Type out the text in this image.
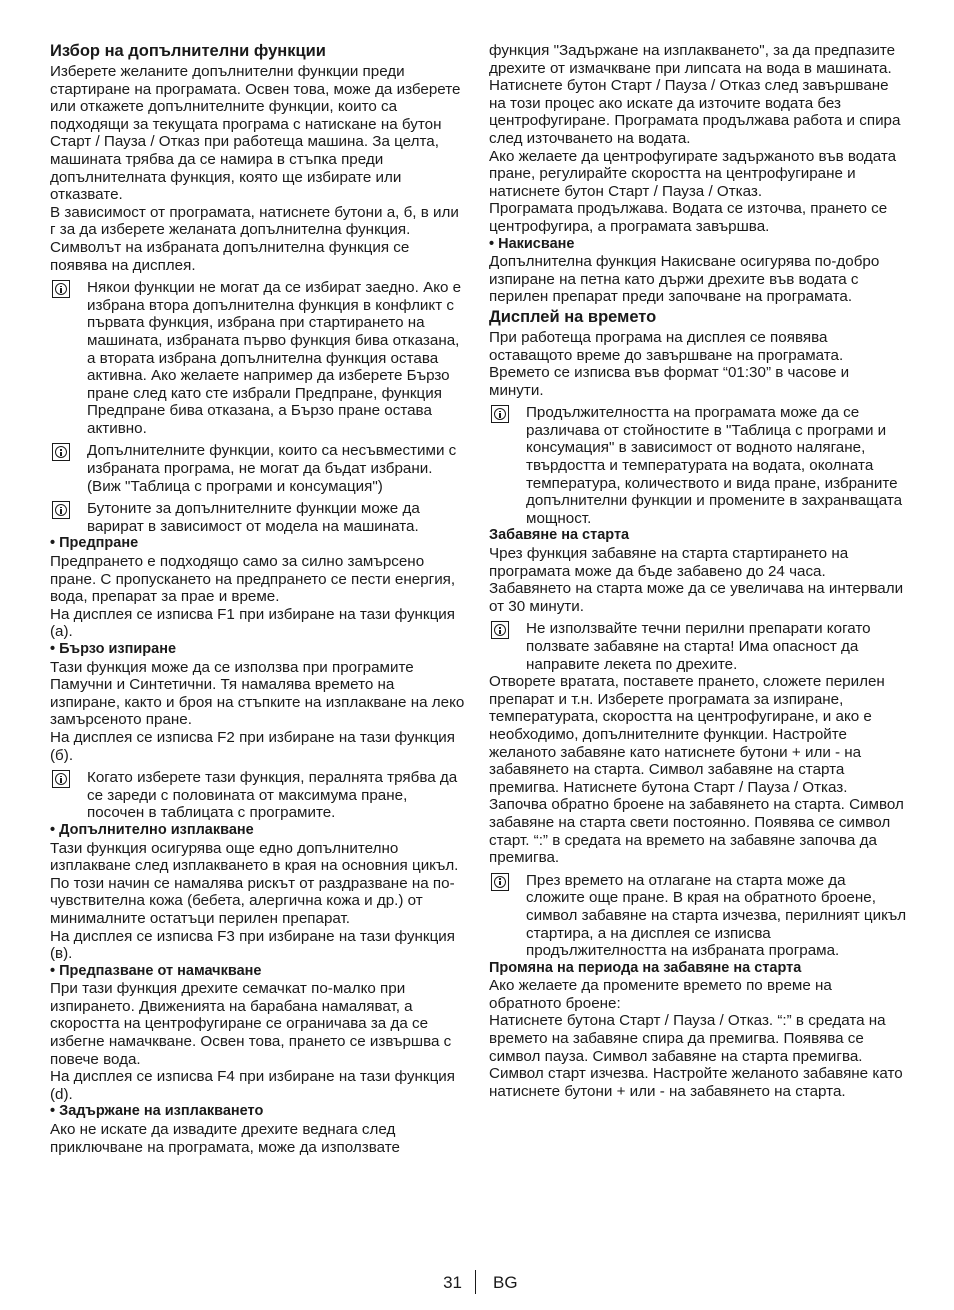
Избор на допълнителни функции

Изберете желаните допълнителни функции преди стартиране на програмата. Освен това, може да изберете или откажете допълнителните функции, които са подходящи за текущата програма с натискане на бутон Старт / Пауза / Отказ при работеща машина. За целта, машината трябва да се намира в стъпка преди допълнителната функция, която ще избирате или отказвате.

В зависимост от програмата, натиснете бутони а, б, в или г за да изберете желаната допълнителна функция. Символът на избраната допълнителна функция се появява на дисплея.

Някои функции не могат да се избират заедно. Ако е избрана втора допълнителна функция в конфликт с първата функция, избрана при стартирането на машината, избраната първо функция бива отказана, а втората избрана допълнителна функция остава активна. Ако желаете например да изберете Бързо пране след като сте избрали Предпране, функция Предпране бива отказана, а Бързо пране остава активно.

Допълнителните функции, които са несъвместими с избраната програма, не могат да бъдат избрани. (Виж "Таблица с програми и консумация")

Бутоните за допълнителните функции може да варират в зависимост от модела на машината.

• Предпране

Предпрането е подходящо само за силно замърсено пране. С пропускането на предпрането се пести енергия, вода, препарат за прае и време.

На дисплея се изписва F1 при избиране на тази функция (a).

• Бързо изпиране

Тази функция може да се използва при програмите Памучни и Синтетични. Тя намалява времето на изпиране, както и броя на стъпките на изплакване на леко замърсеното пране.

На дисплея се изписва F2 при избиране на тази функция (б).

Когато изберете тази функция, пералнята трябва да се зареди с половината от максимума пране, посочен в таблицата с програмите.

• Допълнително изплакване

Тази функция осигурява още едно допълнително изплакване след изплакването в края на основния цикъл. По този начин се намалява рискът от раздразване на по-чувствителна кожа (бебета, алергична кожа и др.) от минималните остатъци перилен препарат.

На дисплея се изписва F3 при избиране на тази функция (в).

• Предпазване от намачкване

При тази функция дрехите семачкат по-малко при изпирането. Движенията на барабана намаляват, а скоростта на центрофугиране се ограничава за да се избегне намачкване. Освен това, прането се извършва с повече вода.

На дисплея се изписва F4 при избиране на тази функция (d).

• Задържане на изплакването

Ако не искате да извадите дрехите веднага след приключване на програмата, може да използвате

функция "Задържане на изплакването", за да предпазите дрехите от измачкване при липсата на вода в машината. Натиснете бутон Старт / Пауза / Отказ след завършване на този процес ако искате да източите водата без центрофугиране. Програмата продължава работа и спира след източването на водата.

Ако желаете да центрофугирате задържаното във водата пране, регулирайте скоростта на центрофугиране и натиснете бутон Старт / Пауза / Отказ.

Програмата продължава. Водата се източва, прането се центрофугира, а програмата завършва.

• Накисване

Допълнителна функция Накисване осигурява по-добро изпиране на петна като държи дрехите във водата с перилен препарат преди започване на програмата.

Дисплей на времето

При работеща програма на дисплея се появява оставащото време до завършване на програмата. Времето се изписва във формат “01:30” в часове и минути.

Продължителността на програмата може да се различава от стойностите в "Таблица с програми и консумация" в зависимост от водното налягане, твърдостта и температурата на водата, околната температура, количеството и вида пране, избраните допълнителни функции и промените в захранващата мощност.

Забавяне на старта

Чрез функция забавяне на старта стартирането на програмата може да бъде забавено до 24 часа. Забавянето на старта може да се увеличава на интервали от 30 минути.

Не използвайте течни перилни препарати когато ползвате забавяне на старта! Има опасност да направите лекета по дрехите.

Отворете вратата, поставете прането, сложете перилен препарат и т.н. Изберете програмата за изпиране, температурата, скоростта на центрофугиране, и ако е необходимо, допълнителните функции. Настройте желаното забавяне като натиснете бутони + или - на забавянето на старта. Символ забавяне на старта премигва. Натиснете бутона Старт / Пауза / Отказ. Започва обратно броене на забавянето на старта. Символ забавяне на старта свети постоянно. Появява се символ старт. “:” в средата на времето на забавяне започва да премигва.

През времето на отлагане на старта може да сложите още пране. В края на обратното броене, символ забавяне на старта изчезва, перилният цикъл стартира, а на дисплея се изписва продължителността на избраната програма.

Промяна на периода на забавяне на старта

Ако желаете да промените времето по време на обратното броене:

Натиснете бутона Старт / Пауза / Отказ. “:” в средата на времето на забавяне спира да премигва. Появява се символ пауза. Символ забавяне на старта премигва. Символ старт изчезва. Настройте желаното забавяне като натиснете бутони + или - на забавянето на старта.

31 BG
